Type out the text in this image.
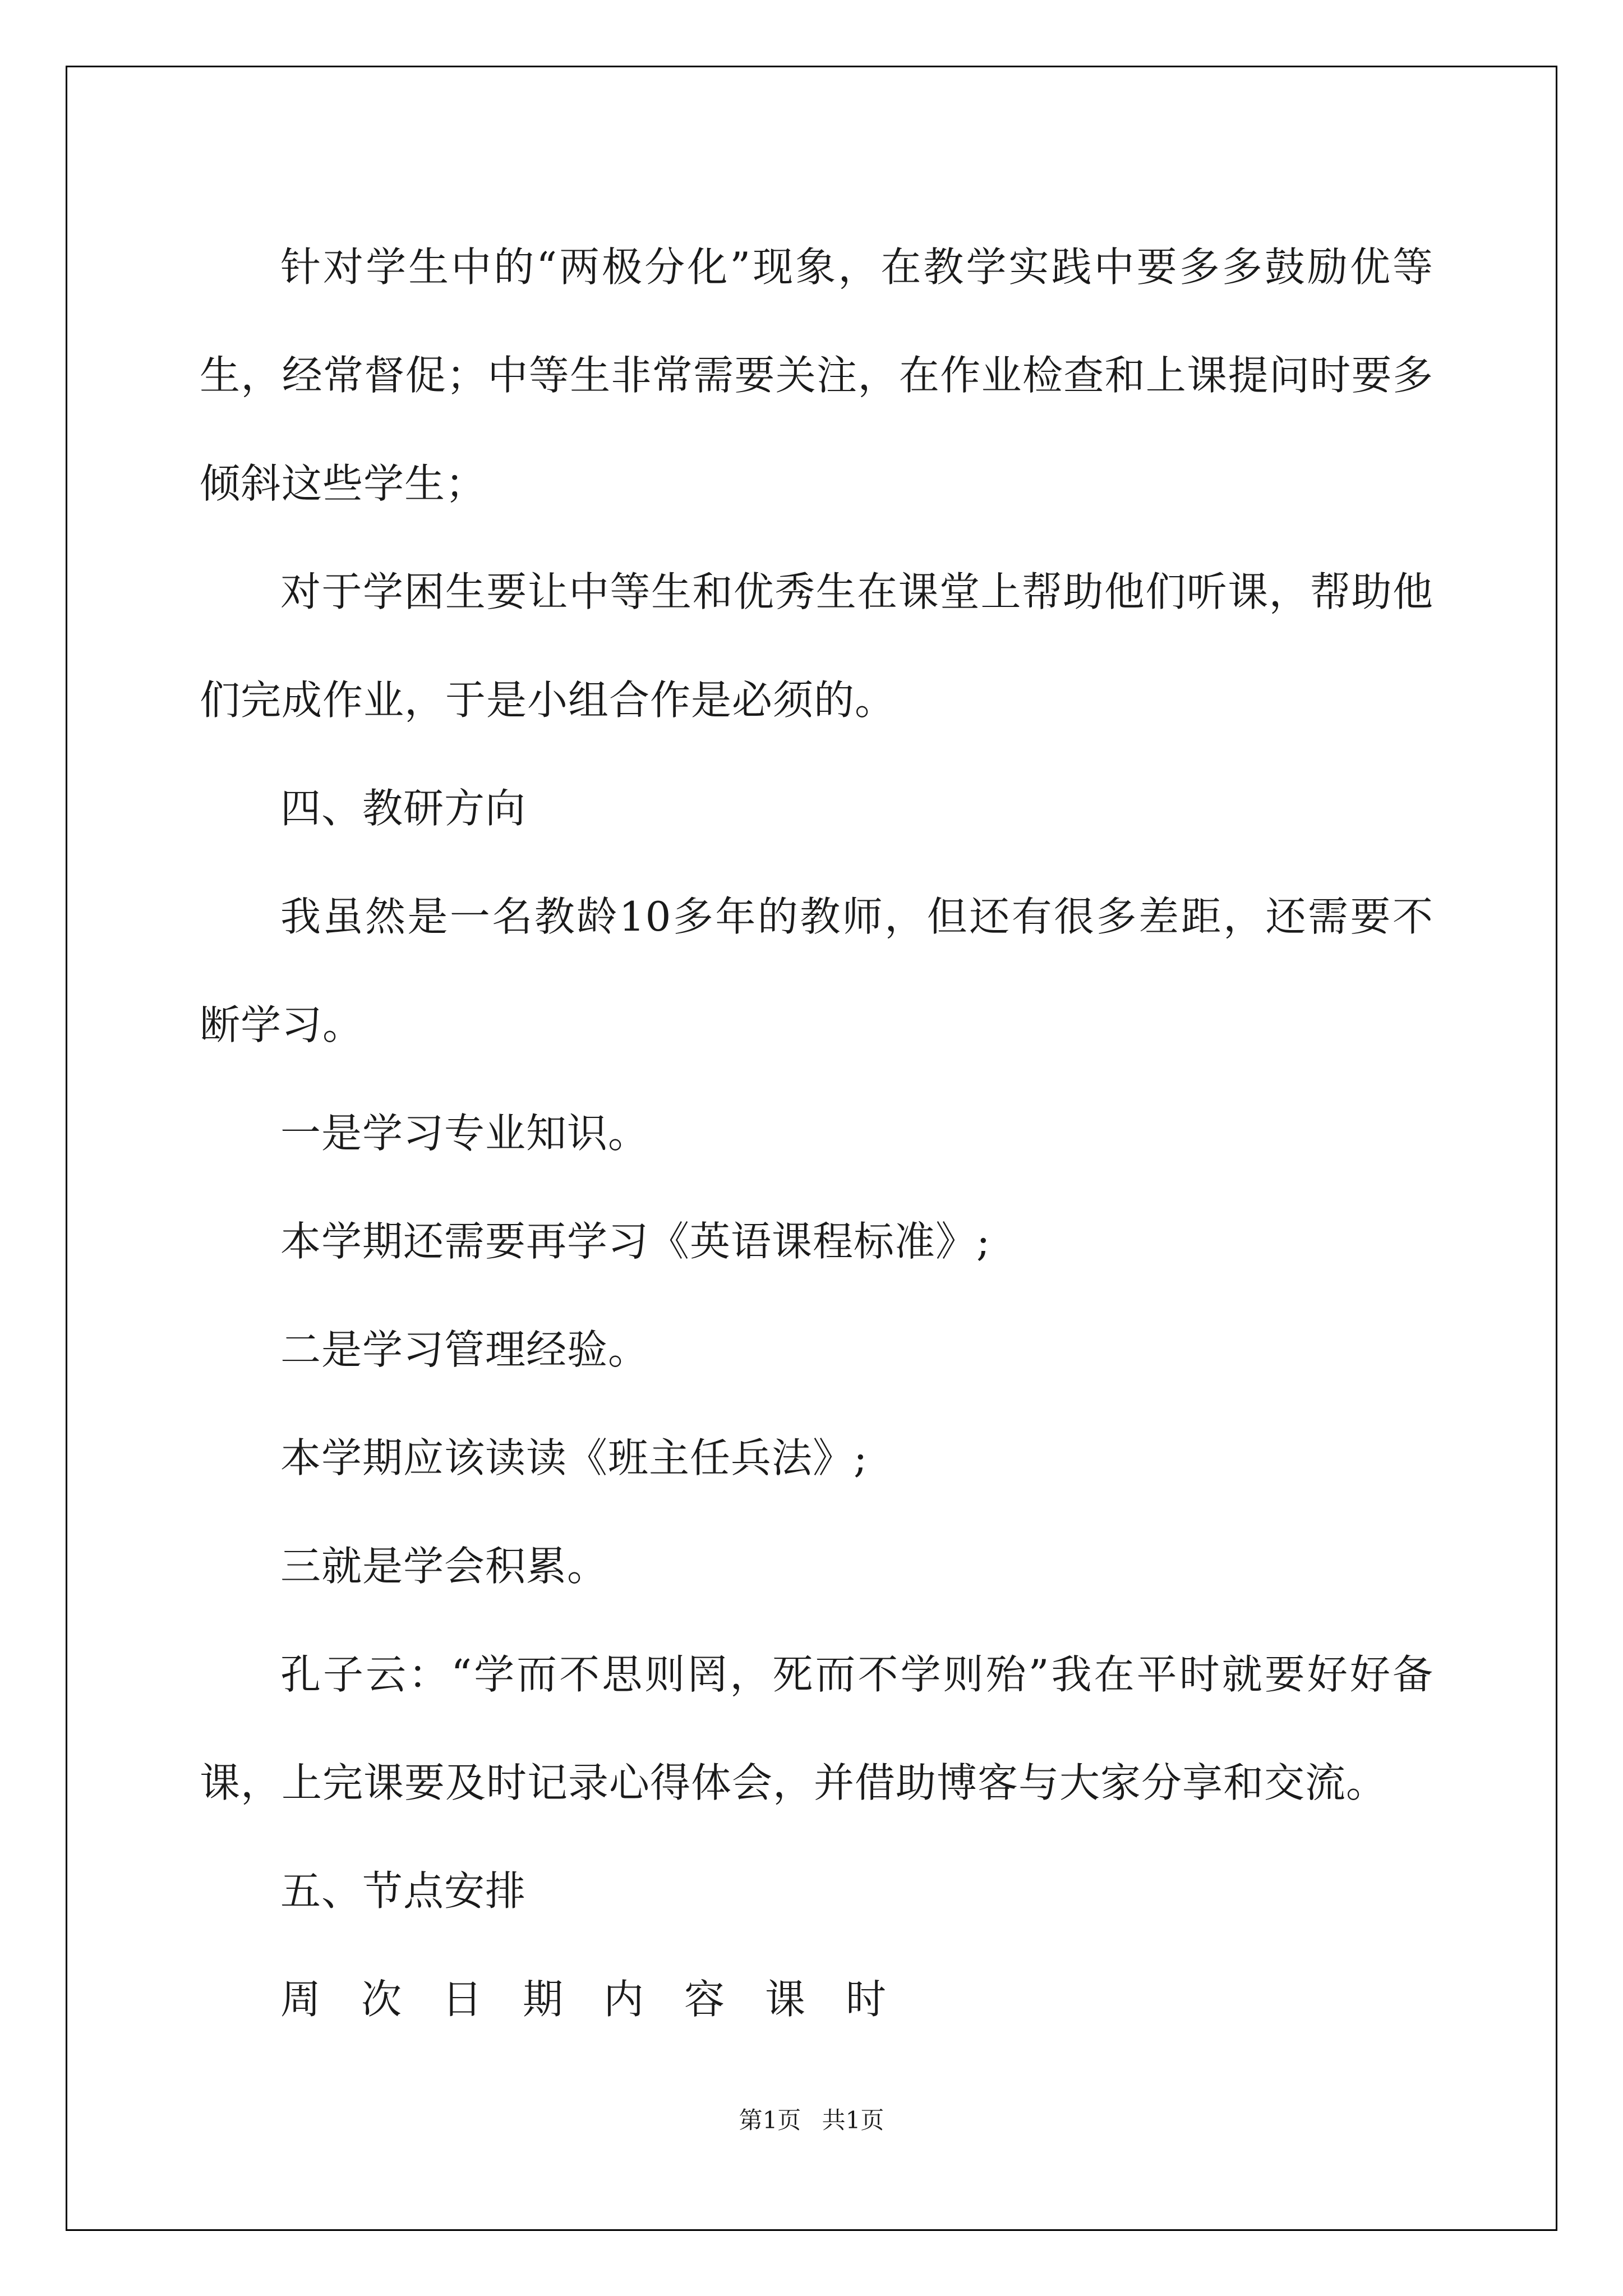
针对学生中的“两极分化”现象，在教学实践中要多多鼓励优等生，经常督促；中等生非常需要关注，在作业检查和上课提问时要多倾斜这些学生；

对于学困生要让中等生和优秀生在课堂上帮助他们听课，帮助他们完成作业，于是小组合作是必须的。

四、教研方向

我虽然是一名教龄10多年的教师，但还有很多差距，还需要不断学习。

一是学习专业知识。

本学期还需要再学习《英语课程标准》;

二是学习管理经验。

本学期应该读读《班主任兵法》;

三就是学会积累。

孔子云：“学而不思则罔，死而不学则殆”我在平时就要好好备课，上完课要及时记录心得体会，并借助博客与大家分享和交流。

五、节点安排

周 次 日 期 内 容 课 时
第1页 共1页
